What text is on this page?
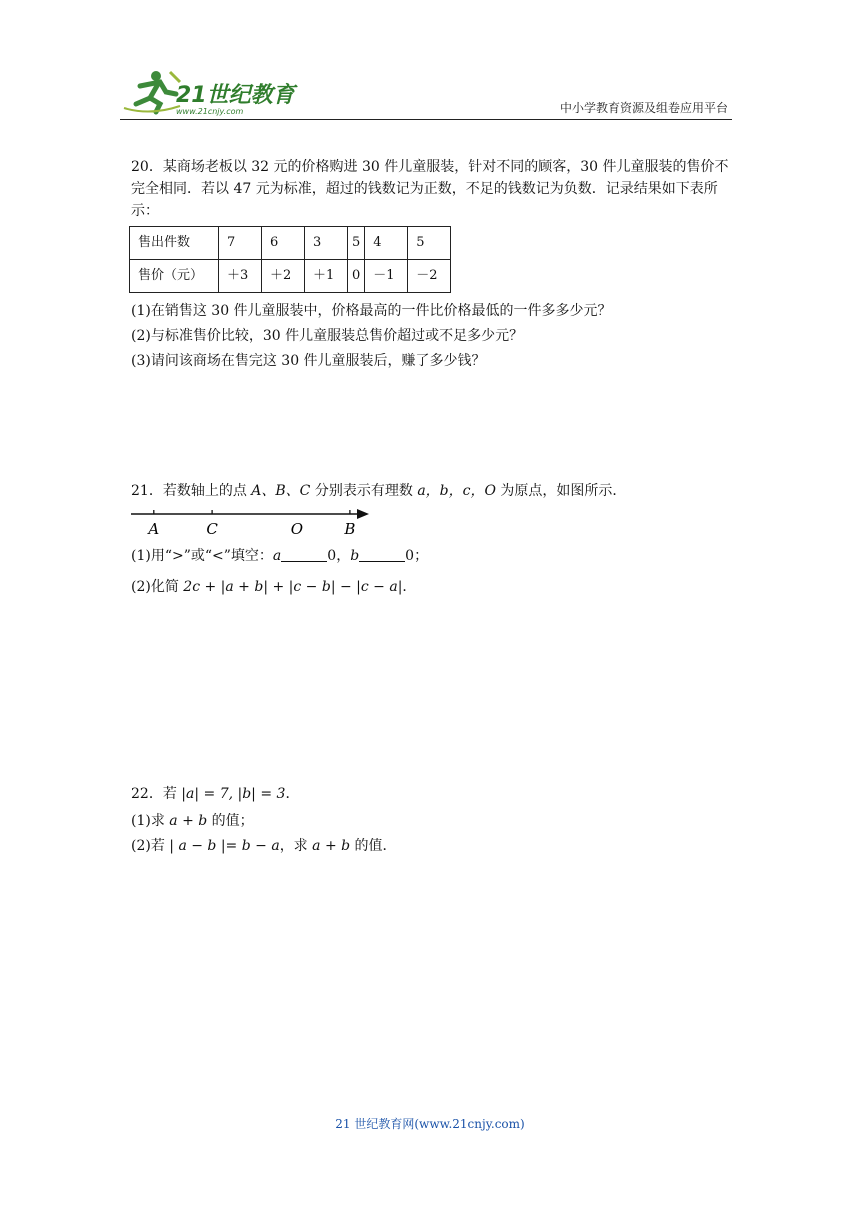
21世纪教育
www.21cnjy.com	中小学教育资源及组卷应用平台

20．某商场老板以 32 元的价格购进 30 件儿童服装，针对不同的顾客，30 件儿童服装的售价不完全相同．若以 47 元为标准，超过的钱数记为正数，不足的钱数记为负数．记录结果如下表所示：

售出件数	7	6	3	5	4	5
售价（元）	＋3	＋2	＋1	0	－1	－2

(1)在销售这 30 件儿童服装中，价格最高的一件比价格最低的一件多多少元？

(2)与标准售价比较，30 件儿童服装总售价超过或不足多少元？

(3)请问该商场在售完这 30 件儿童服装后，赚了多少钱？

21．若数轴上的点 A、B、C 分别表示有理数 a，b，c，O 为原点，如图所示．

A	C	O	B

(1)用“>”或“<”填空：a	0，b	0；

(2)化简 2c + |a + b| + |c − b| − |c − a|．

22．若 |a| = 7, |b| = 3．

(1)求 a + b 的值；

(2)若 | a − b |= b − a，求 a + b 的值．

21 世纪教育网(www.21cnjy.com)
